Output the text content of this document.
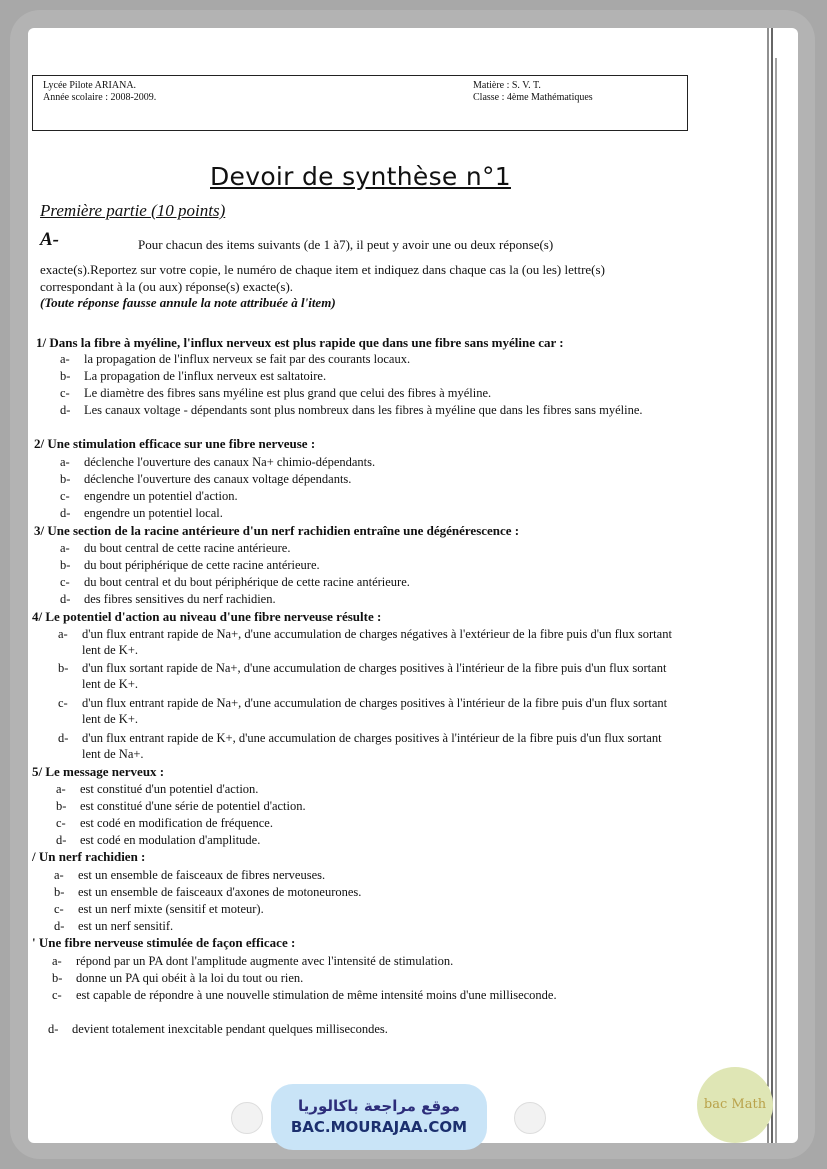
Lycée Pilote ARIANA.
Année scolaire : 2008-2009.
Matière : S. V. T.
Classe : 4ème Mathématiques
Devoir de synthèse n°1
Première partie (10 points)
A-	Pour chacun des items suivants (de 1 à7), il peut y avoir une ou deux réponse(s)
exacte(s).Reportez sur votre copie, le numéro de chaque item et indiquez dans chaque cas la (ou les) lettre(s) correspondant à la (ou aux) réponse(s) exacte(s).
(Toute réponse fausse annule la note attribuée à l'item)
1/ Dans la fibre à myéline, l'influx nerveux est plus rapide que dans une fibre sans myéline car :
a- la propagation de l'influx nerveux se fait par des courants locaux.
b- La propagation de l'influx nerveux est saltatoire.
c- Le diamètre des fibres sans myéline est plus grand que celui des fibres à myéline.
d- Les canaux voltage - dépendants sont plus nombreux dans les fibres à myéline que dans les fibres sans myéline.
2/ Une stimulation efficace sur une fibre nerveuse :
a- déclenche l'ouverture des canaux Na+ chimio-dépendants.
b- déclenche l'ouverture des canaux voltage dépendants.
c- engendre un potentiel d'action.
d- engendre un potentiel local.
3/ Une section de la racine antérieure d'un nerf rachidien entraîne une dégénérescence :
a- du bout central de cette racine antérieure.
b- du bout périphérique de cette racine antérieure.
c- du bout central et du bout périphérique de cette racine antérieure.
d- des fibres sensitives du nerf rachidien.
4/ Le potentiel d'action au niveau d'une fibre nerveuse résulte :
a- d'un flux entrant rapide de Na+, d'une accumulation de charges négatives à l'extérieur de la fibre puis d'un flux sortant lent de K+.
b- d'un flux sortant rapide de Na+, d'une accumulation de charges positives à l'intérieur de la fibre puis d'un flux sortant lent de K+.
c- d'un flux entrant rapide de Na+, d'une accumulation de charges positives à l'intérieur de la fibre puis d'un flux sortant lent de K+.
d- d'un flux entrant rapide de K+, d'une accumulation de charges positives à l'intérieur de la fibre puis d'un flux sortant lent de Na+.
5/ Le message nerveux :
a- est constitué d'un potentiel d'action.
b- est constitué d'une série de potentiel d'action.
c- est codé en modification de fréquence.
d- est codé en modulation d'amplitude.
/ Un nerf rachidien :
a- est un ensemble de faisceaux de fibres nerveuses.
b- est un ensemble de faisceaux d'axones de motoneurones.
c- est un nerf mixte (sensitif et moteur).
d- est un nerf sensitif.
' Une fibre nerveuse stimulée de façon efficace :
a- répond par un PA dont l'amplitude augmente avec l'intensité de stimulation.
b- donne un PA qui obéit à la loi du tout ou rien.
c- est capable de répondre à une nouvelle stimulation de même intensité moins d'une milliseconde.
d- devient totalement inexcitable pendant quelques millisecondes.
موقع مراجعة باكالوريا
BAC.MOURAJAA.COM
bac Math
